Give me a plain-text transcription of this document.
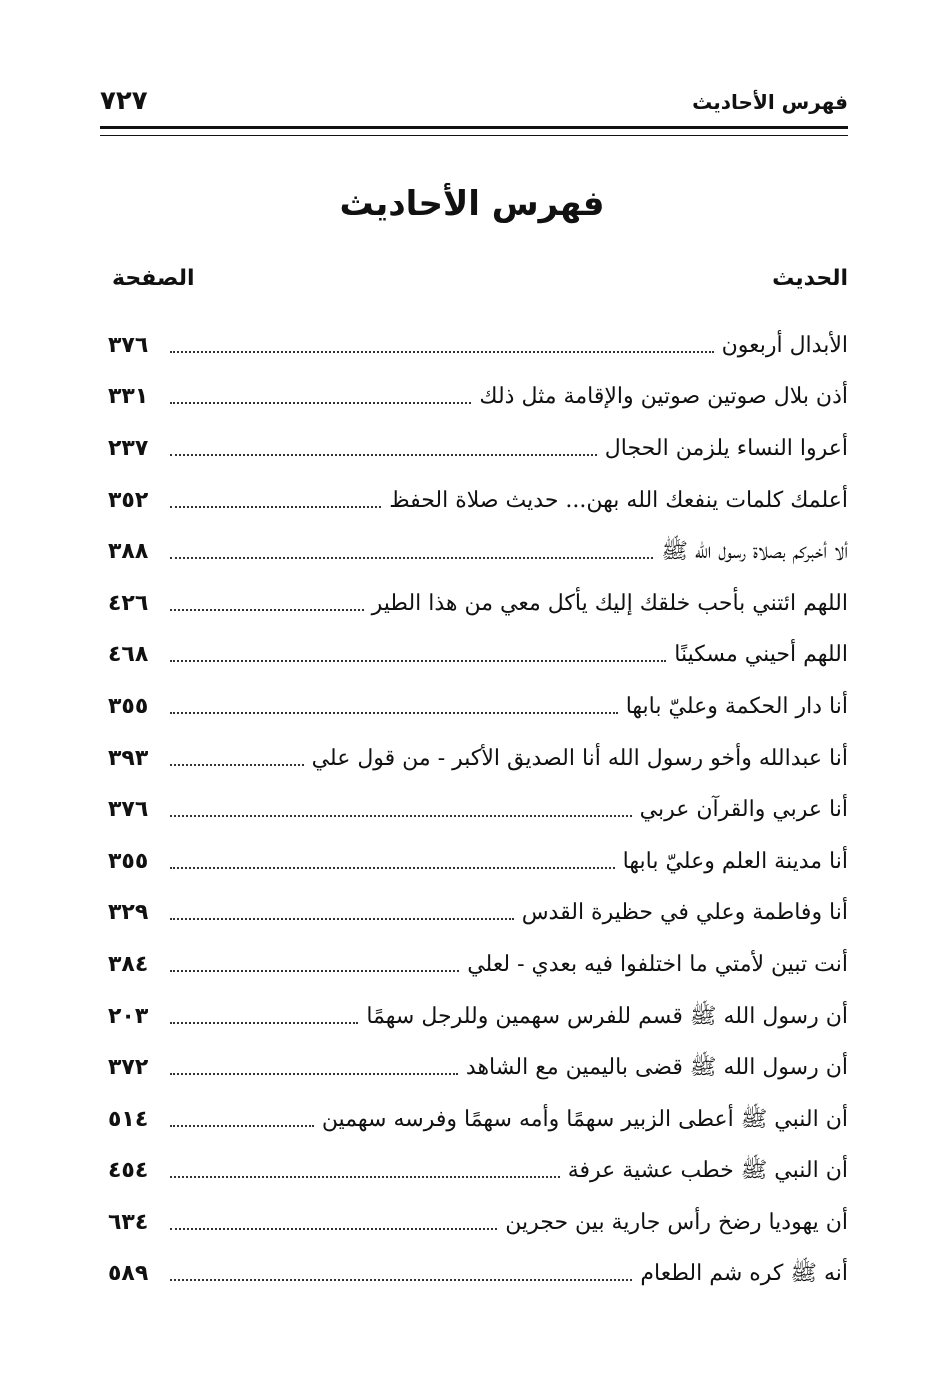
فهرس الأحاديث
٧٢٧
فهرس الأحاديث
الحديث
الصفحة
الأبدال أربعون
٣٧٦
أذن بلال صوتين صوتين والإقامة مثل ذلك
٣٣١
أعروا النساء يلزمن الحجال
٢٣٧
أعلمك كلمات ينفعك الله بهن... حديث صلاة الحفظ
٣٥٢
ألا أخبركم بصلاة رسول الله ﷺ
٣٨٨
اللهم ائتني بأحب خلقك إليك يأكل معي من هذا الطير
٤٢٦
اللهم أحيني مسكينًا
٤٦٨
أنا دار الحكمة وعليّ بابها
٣٥٥
أنا عبدالله وأخو رسول الله أنا الصديق الأكبر - من قول علي
٣٩٣
أنا عربي والقرآن عربي
٣٧٦
أنا مدينة العلم وعليّ بابها
٣٥٥
أنا وفاطمة وعلي في حظيرة القدس
٣٢٩
أنت تبين لأمتي ما اختلفوا فيه بعدي - لعلي
٣٨٤
أن رسول الله ﷺ قسم للفرس سهمين وللرجل سهمًا
٢٠٣
أن رسول الله ﷺ قضى باليمين مع الشاهد
٣٧٢
أن النبي ﷺ أعطى الزبير سهمًا وأمه سهمًا وفرسه سهمين
٥١٤
أن النبي ﷺ خطب عشية عرفة
٤٥٤
أن يهوديا رضخ رأس جارية بين حجرين
٦٣٤
أنه ﷺ كره شم الطعام
٥٨٩
